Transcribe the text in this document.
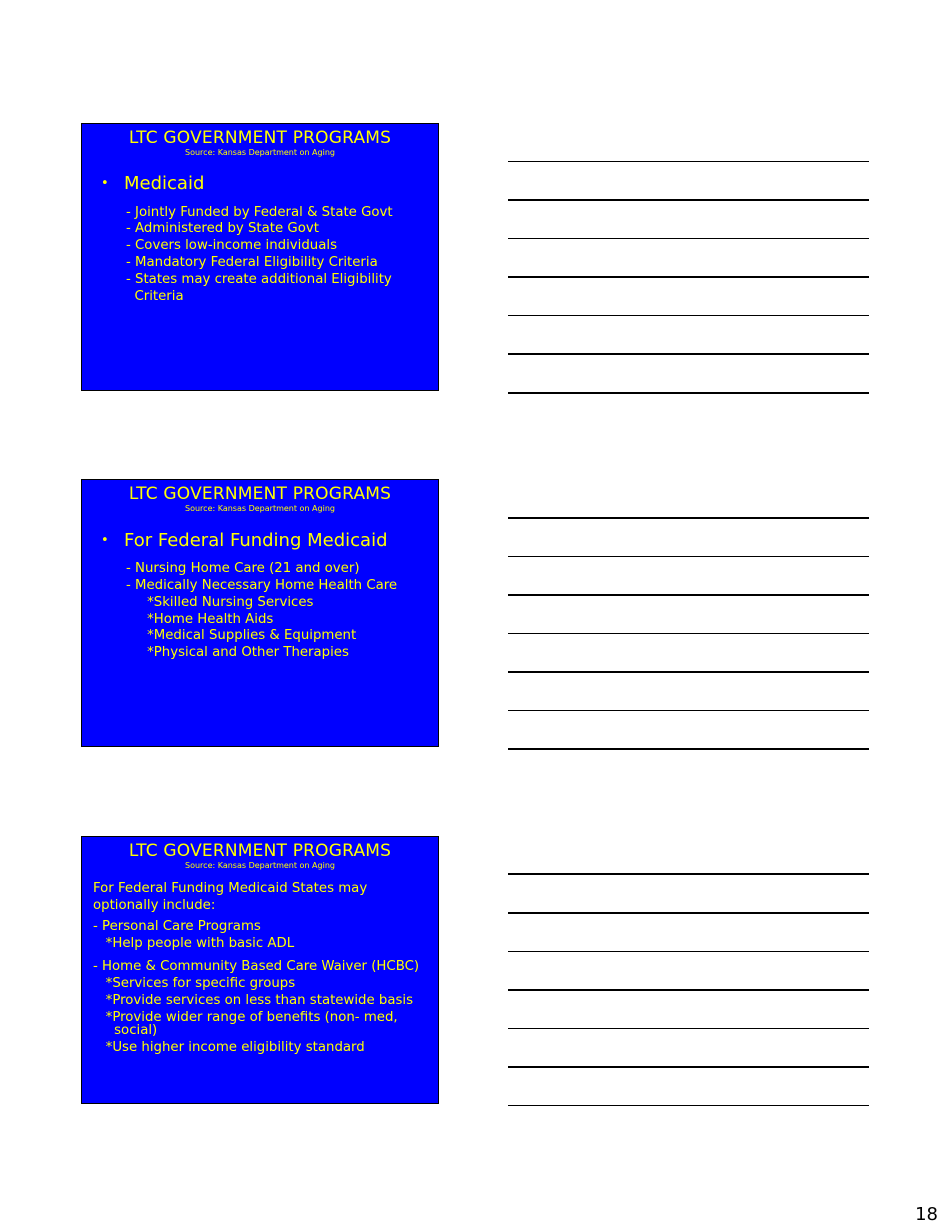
LTC GOVERNMENT PROGRAMS
Source: Kansas Department on Aging
• Medicaid
- Jointly Funded by Federal & State Govt
- Administered by State Govt
- Covers low-income individuals
- Mandatory Federal Eligibility Criteria
- States may create additional Eligibility
Criteria
LTC GOVERNMENT PROGRAMS
Source: Kansas Department on Aging
• For Federal Funding Medicaid
- Nursing Home Care (21 and over)
- Medically Necessary Home Health Care
*Skilled Nursing Services
*Home Health Aids
*Medical Supplies & Equipment
*Physical and Other Therapies
LTC GOVERNMENT PROGRAMS
Source: Kansas Department on Aging
For Federal Funding Medicaid States may
optionally include:
- Personal Care Programs
*Help people with basic ADL
- Home & Community Based Care Waiver (HCBC)
*Services for specific groups
*Provide services on less than statewide basis
*Provide wider range of benefits (non- med,
social)
*Use higher income eligibility standard
18
